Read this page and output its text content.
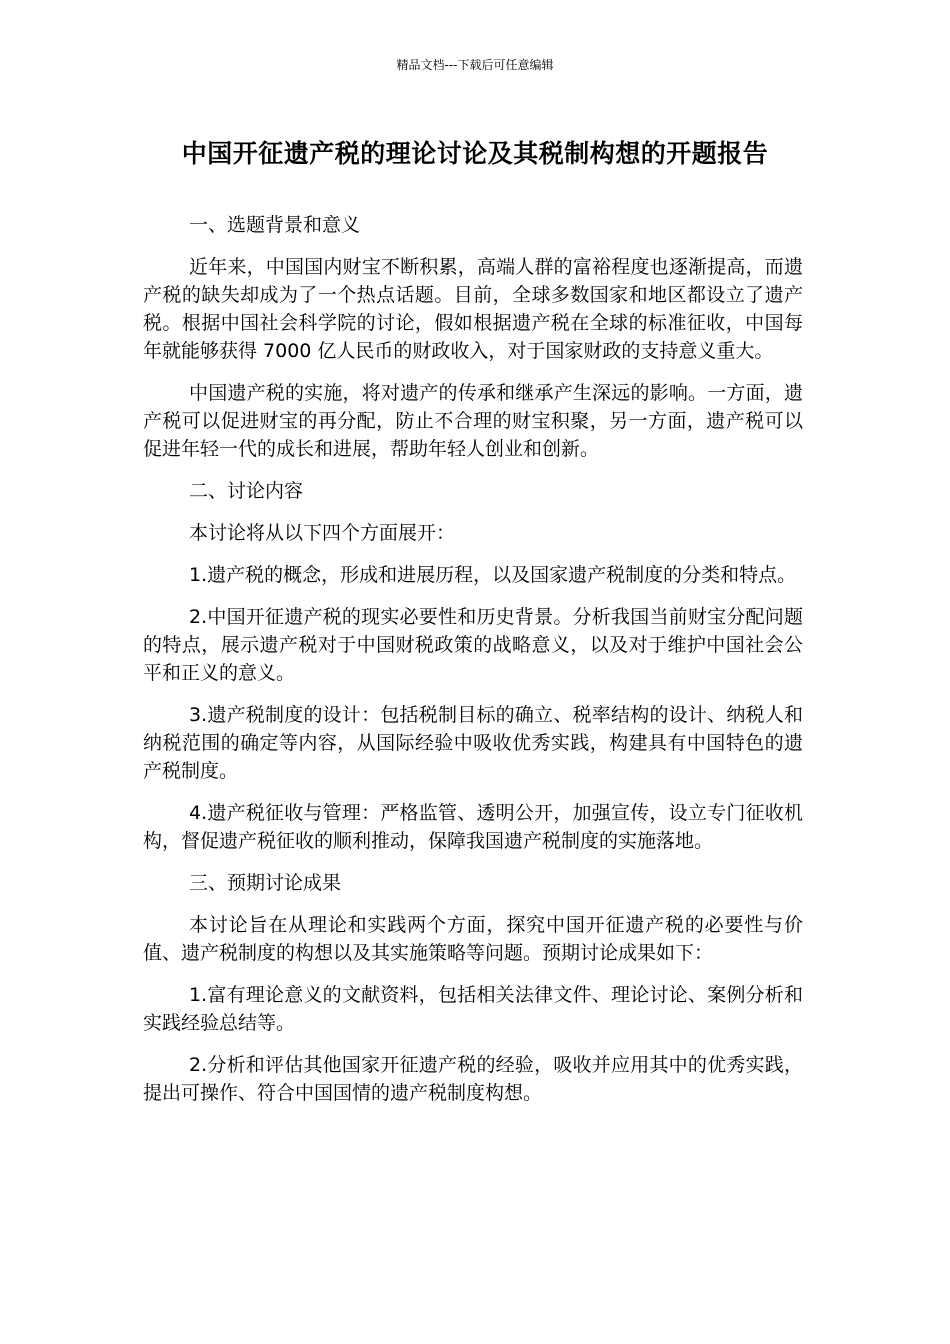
精品文档---下载后可任意编辑
中国开征遗产税的理论讨论及其税制构想的开题报告

一、选题背景和意义

近年来，中国国内财宝不断积累，高端人群的富裕程度也逐渐提高，而遗产税的缺失却成为了一个热点话题。目前，全球多数国家和地区都设立了遗产税。根据中国社会科学院的讨论，假如根据遗产税在全球的标准征收，中国每年就能够获得 7000 亿人民币的财政收入，对于国家财政的支持意义重大。

中国遗产税的实施，将对遗产的传承和继承产生深远的影响。一方面，遗产税可以促进财宝的再分配，防止不合理的财宝积聚，另一方面，遗产税可以促进年轻一代的成长和进展，帮助年轻人创业和创新。

二、讨论内容

本讨论将从以下四个方面展开：

1.遗产税的概念，形成和进展历程，以及国家遗产税制度的分类和特点。

2.中国开征遗产税的现实必要性和历史背景。分析我国当前财宝分配问题的特点，展示遗产税对于中国财税政策的战略意义，以及对于维护中国社会公平和正义的意义。

3.遗产税制度的设计：包括税制目标的确立、税率结构的设计、纳税人和纳税范围的确定等内容，从国际经验中吸收优秀实践，构建具有中国特色的遗产税制度。

4.遗产税征收与管理：严格监管、透明公开，加强宣传，设立专门征收机构，督促遗产税征收的顺利推动，保障我国遗产税制度的实施落地。

三、预期讨论成果

本讨论旨在从理论和实践两个方面，探究中国开征遗产税的必要性与价值、遗产税制度的构想以及其实施策略等问题。预期讨论成果如下：

1.富有理论意义的文献资料，包括相关法律文件、理论讨论、案例分析和实践经验总结等。

2.分析和评估其他国家开征遗产税的经验，吸收并应用其中的优秀实践，提出可操作、符合中国国情的遗产税制度构想。
